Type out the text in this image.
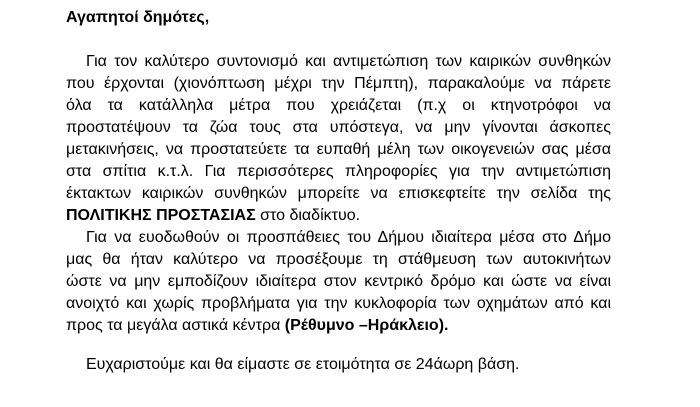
Αγαπητοί δημότες,
Για τον καλύτερο συντονισμό και αντιμετώπιση των καιρικών συνθηκών
που έρχονται (χιονόπτωση μέχρι την Πέμπτη), παρακαλούμε να πάρετε
όλα τα κατάλληλα μέτρα που χρειάζεται (π.χ οι κτηνοτρόφοι να
προστατέψουν τα ζώα τους στα υπόστεγα, να μην γίνονται άσκοπες
μετακινήσεις, να προστατεύετε τα ευπαθή μέλη των οικογενειών σας μέσα
στα σπίτια κ.τ.λ. Για περισσότερες πληροφορίες για την αντιμετώπιση
έκτακτων καιρικών συνθηκών μπορείτε να επισκεφτείτε την σελίδα της
ΠΟΛΙΤΙΚΗΣ ΠΡΟΣΤΑΣΙΑΣ στο διαδίκτυο.
Για να ευοδωθούν οι προσπάθειες του Δήμου ιδιαίτερα μέσα στο Δήμο
μας θα ήταν καλύτερο να προσέξουμε τη στάθμευση των αυτοκινήτων
ώστε να μην εμποδίζουν ιδιαίτερα στον κεντρικό δρόμο και ώστε να είναι
ανοιχτό και χωρίς προβλήματα για την κυκλοφορία των οχημάτων από και
προς τα μεγάλα αστικά κέντρα (Ρέθυμνο –Ηράκλειο).
Ευχαριστούμε και θα είμαστε σε ετοιμότητα σε 24άωρη βάση.
